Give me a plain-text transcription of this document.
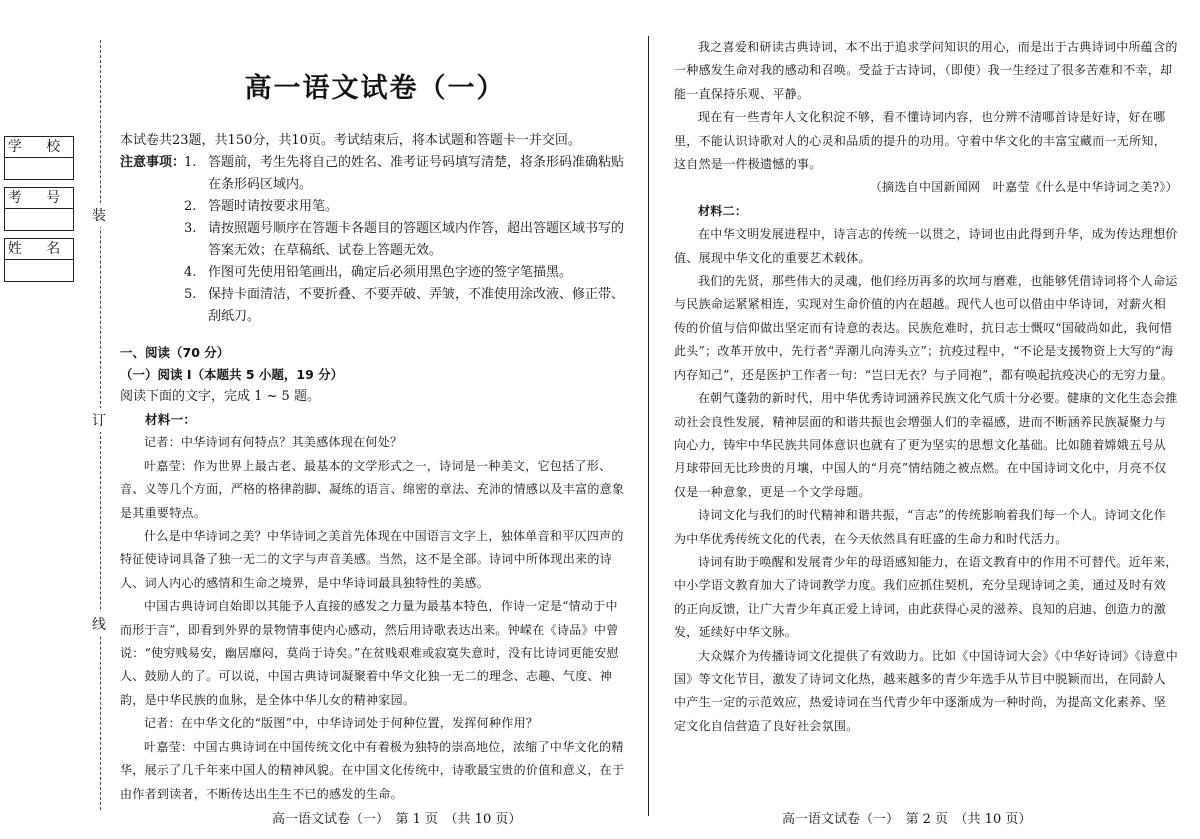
学 校
考 号
姓 名
装
订
线
高一语文试卷（一）

本试卷共23题，共150分，共10页。考试结束后，将本试题和答题卡一并交回。

注意事项：
1. 答题前，考生先将自己的姓名、准考证号码填写清楚，将条形码准确粘贴在条形码区域内。
2. 答题时请按要求用笔。
3. 请按照题号顺序在答题卡各题目的答题区域内作答，超出答题区域书写的答案无效；在草稿纸、试卷上答题无效。
4. 作图可先使用铅笔画出，确定后必须用黑色字迹的签字笔描黑。
5. 保持卡面清洁，不要折叠、不要弄破、弄皱，不准使用涂改液、修正带、刮纸刀。

一、阅读（70 分）

（一）阅读 I（本题共 5 小题，19 分）

阅读下面的文字，完成 1 ~ 5 题。

材料一：

记者：中华诗词有何特点？其美感体现在何处？

叶嘉莹：作为世界上最古老、最基本的文学形式之一，诗词是一种美文，它包括了形、音、义等几个方面，严格的格律韵脚、凝练的语言、绵密的章法、充沛的情感以及丰富的意象是其重要特点。

什么是中华诗词之美？中华诗词之美首先体现在中国语言文字上，独体单音和平仄四声的特征使诗词具备了独一无二的文字与声音美感。当然，这不是全部。诗词中所体现出来的诗人、词人内心的感情和生命之境界，是中华诗词最具独特性的美感。

中国古典诗词自始即以其能予人直接的感发之力量为最基本特色，作诗一定是“情动于中而形于言”，即看到外界的景物情事使内心感动，然后用诗歌表达出来。钟嵘在《诗品》中曾说：“使穷贱易安，幽居靡闷，莫尚于诗矣。”在贫贱艰难或寂寞失意时，没有比诗词更能安慰人、鼓励人的了。可以说，中国古典诗词凝聚着中华文化独一无二的理念、志趣、气度、神韵，是中华民族的血脉，是全体中华儿女的精神家园。

记者：在中华文化的“版图”中，中华诗词处于何种位置，发挥何种作用？

叶嘉莹：中国古典诗词在中国传统文化中有着极为独特的崇高地位，浓缩了中华文化的精华，展示了几千年来中国人的精神风貌。在中国文化传统中，诗歌最宝贵的价值和意义，在于由作者到读者，不断传达出生生不已的感发的生命。

高一语文试卷（一）　第 1 页　（共 10 页）

我之喜爱和研读古典诗词，本不出于追求学问知识的用心，而是出于古典诗词中所蕴含的一种感发生命对我的感动和召唤。受益于古诗词，（即使）我一生经过了很多苦难和不幸，却能一直保持乐观、平静。

现在有一些青年人文化积淀不够，看不懂诗词内容，也分辨不清哪首诗是好诗，好在哪里，不能认识诗歌对人的心灵和品质的提升的功用。守着中华文化的丰富宝藏而一无所知，这自然是一件极遗憾的事。

（摘选自中国新闻网　叶嘉莹《什么是中华诗词之美?》）

材料二：

在中华文明发展进程中，诗言志的传统一以贯之，诗词也由此得到升华，成为传达理想价值、展现中华文化的重要艺术载体。

我们的先贤，那些伟大的灵魂，他们经历再多的坎坷与磨难，也能够凭借诗词将个人命运与民族命运紧紧相连，实现对生命价值的内在超越。现代人也可以借由中华诗词，对薪火相传的价值与信仰做出坚定而有诗意的表达。民族危难时，抗日志士慨叹“国破尚如此，我何惜此头”；改革开放中，先行者“弄潮儿向涛头立”；抗疫过程中，“不论是支援物资上大写的“海内存知己”，还是医护工作者一句：“岂曰无衣？与子同袍”，都有唤起抗疫决心的无穷力量。

在朝气蓬勃的新时代，用中华优秀诗词涵养民族文化气质十分必要。健康的文化生态会推动社会良性发展，精神层面的和谐共振也会增强人们的幸福感，进而不断涵养民族凝聚力与向心力，铸牢中华民族共同体意识也就有了更为坚实的思想文化基础。比如随着嫦娥五号从月球带回无比珍贵的月壤，中国人的“月亮”情结随之被点燃。在中国诗词文化中，月亮不仅仅是一种意象，更是一个文学母题。

诗词文化与我们的时代精神和谐共振，“言志”的传统影响着我们每一个人。诗词文化作为中华优秀传统文化的代表，在今天依然具有旺盛的生命力和时代活力。

诗词有助于唤醒和发展青少年的母语感知能力，在语文教育中的作用不可替代。近年来，中小学语文教育加大了诗词教学力度。我们应抓住契机，充分呈现诗词之美，通过及时有效的正向反馈，让广大青少年真正爱上诗词，由此获得心灵的滋养、良知的启迪、创造力的激发，延续好中华文脉。

大众媒介为传播诗词文化提供了有效助力。比如《中国诗词大会》《中华好诗词》《诗意中国》等文化节目，激发了诗词文化热，越来越多的青少年选手从节目中脱颖而出，在同龄人中产生一定的示范效应，热爱诗词在当代青少年中逐渐成为一种时尚，为提高文化素养、坚定文化自信营造了良好社会氛围。

高一语文试卷（一）　第 2 页　（共 10 页）
